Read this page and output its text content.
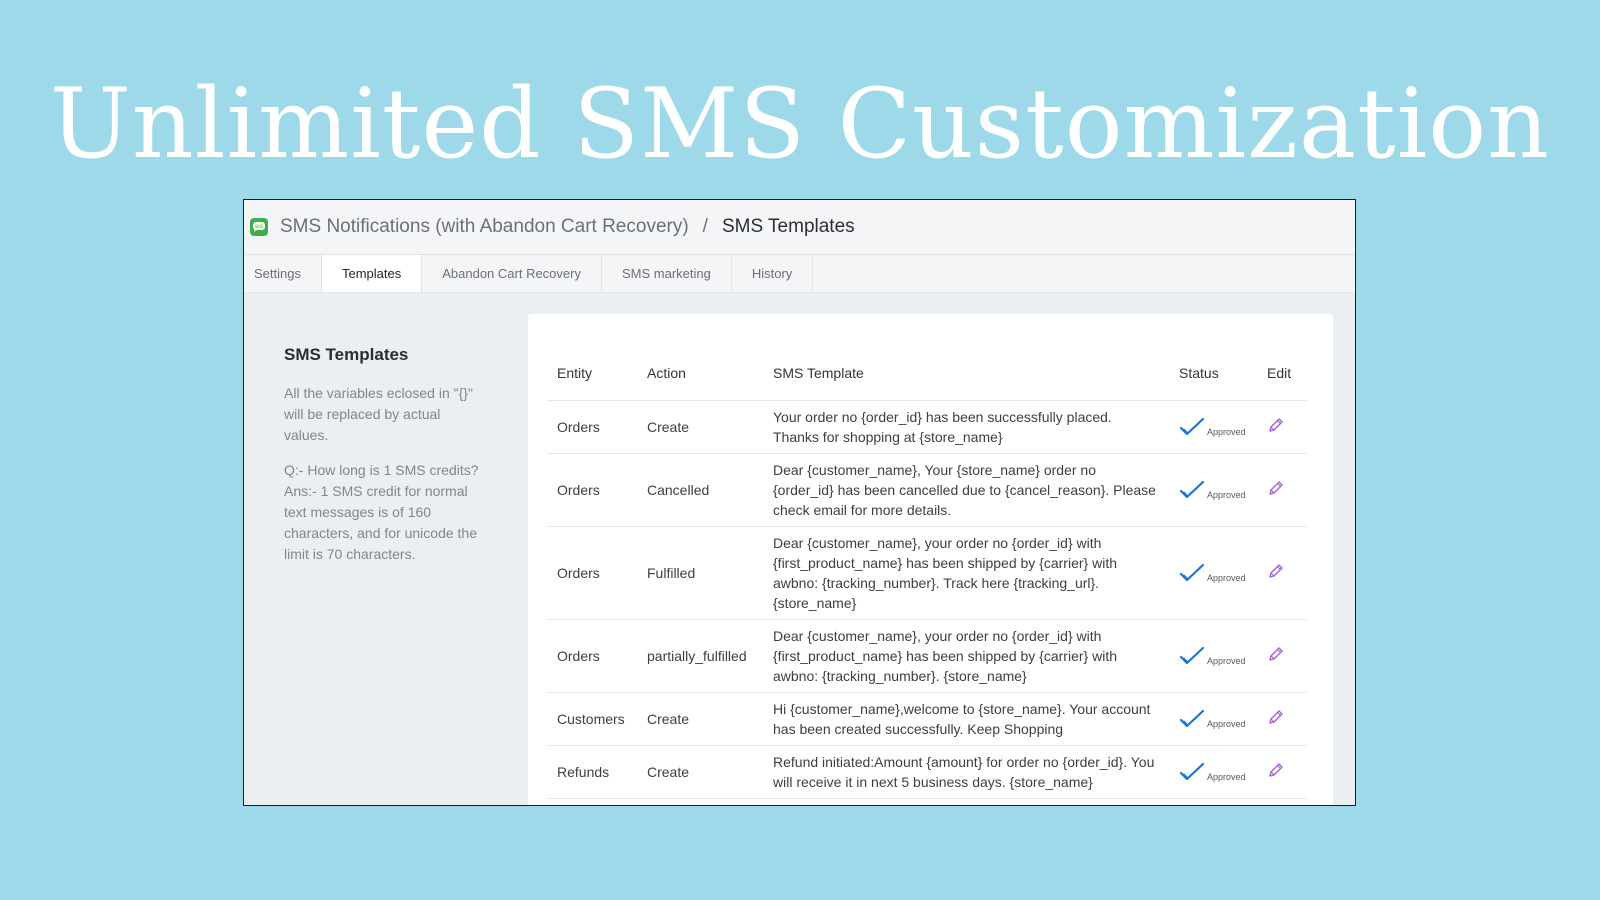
Unlimited SMS Customization
SMS SMS Notifications (with Abandon Cart Recovery) / SMS Templates
Settings	Templates	Abandon Cart Recovery	SMS marketing	History

SMS Templates

All the variables eclosed in "{}" will be replaced by actual values.

Q:- How long is 1 SMS credits?

Ans:- 1 SMS credit for normal text messages is of 160 characters, and for unicode the limit is 70 characters.

Entity	Action	SMS Template	Status	Edit
Orders	Create	Your order no {order_id} has been successfully placed. Thanks for shopping at {store_name}	Approved

Orders	Cancelled	Dear {customer_name}, Your {store_name} order no {order_id} has been cancelled due to {cancel_reason}. Please check email for more details.	Approved

Orders	Fulfilled	Dear {customer_name}, your order no {order_id} with {first_product_name} has been shipped by {carrier} with awbno: {tracking_number}. Track here {tracking_url}. {store_name}	Approved

Orders	partially_fulfilled	Dear {customer_name}, your order no {order_id} with {first_product_name} has been shipped by {carrier} with awbno: {tracking_number}. {store_name}	Approved

Customers	Create	Hi {customer_name},welcome to {store_name}. Your account has been created successfully. Keep Shopping	Approved

Refunds	Create	Refund initiated:Amount {amount} for order no {order_id}. You will receive it in next 5 business days. {store_name}	Approved
